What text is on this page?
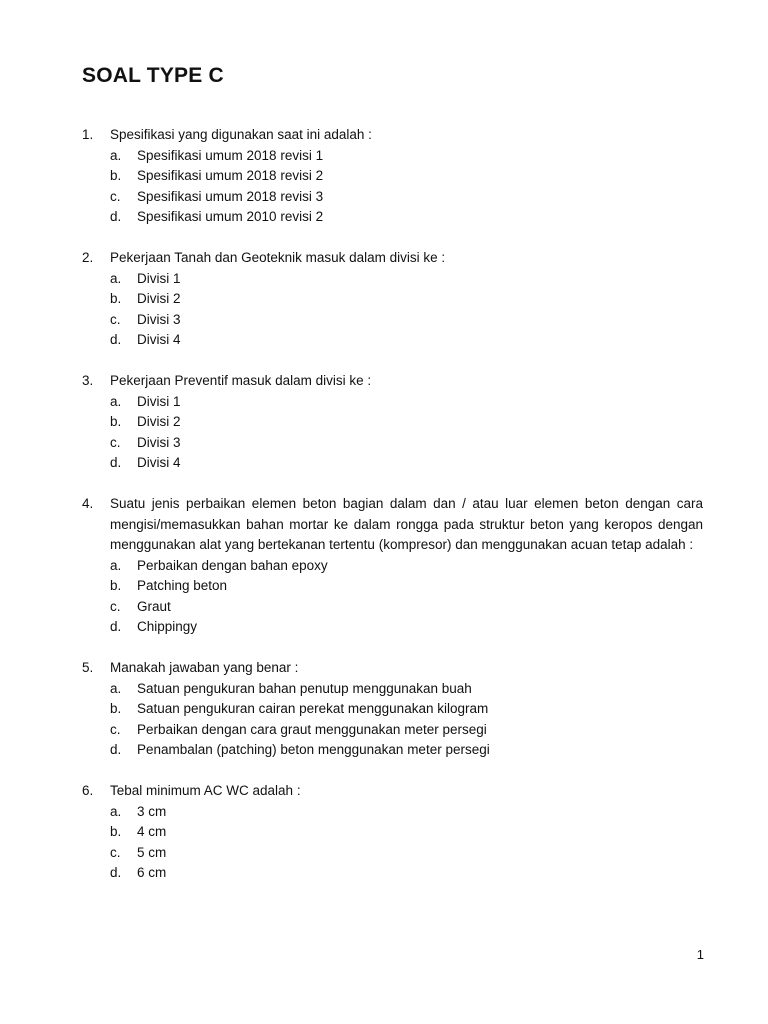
SOAL TYPE C
1.	Spesifikasi yang digunakan saat ini adalah :
a.	Spesifikasi umum 2018 revisi 1
b.	Spesifikasi umum 2018 revisi 2
c.	Spesifikasi umum 2018 revisi 3
d.	Spesifikasi umum 2010 revisi 2
2.	Pekerjaan Tanah dan Geoteknik masuk dalam divisi ke :
a.	Divisi 1
b.	Divisi 2
c.	Divisi 3
d.	Divisi 4
3.	Pekerjaan Preventif masuk dalam divisi ke :
a.	Divisi 1
b.	Divisi 2
c.	Divisi 3
d.	Divisi 4
4.	Suatu jenis perbaikan elemen beton bagian dalam dan / atau luar elemen beton dengan cara mengisi/memasukkan bahan mortar ke dalam rongga pada struktur beton yang keropos dengan menggunakan alat yang bertekanan tertentu (kompresor) dan menggunakan acuan tetap adalah :
a.	Perbaikan dengan bahan epoxy
b.	Patching beton
c.	Graut
d.	Chippingy
5.	Manakah jawaban yang benar :
a.	Satuan pengukuran bahan penutup menggunakan buah
b.	Satuan pengukuran cairan perekat menggunakan kilogram
c.	Perbaikan dengan cara graut menggunakan meter persegi
d.	Penambalan (patching) beton menggunakan meter persegi
6.	Tebal minimum AC WC adalah :
a.	3 cm
b.	4 cm
c.	5 cm
d.	6 cm
1
